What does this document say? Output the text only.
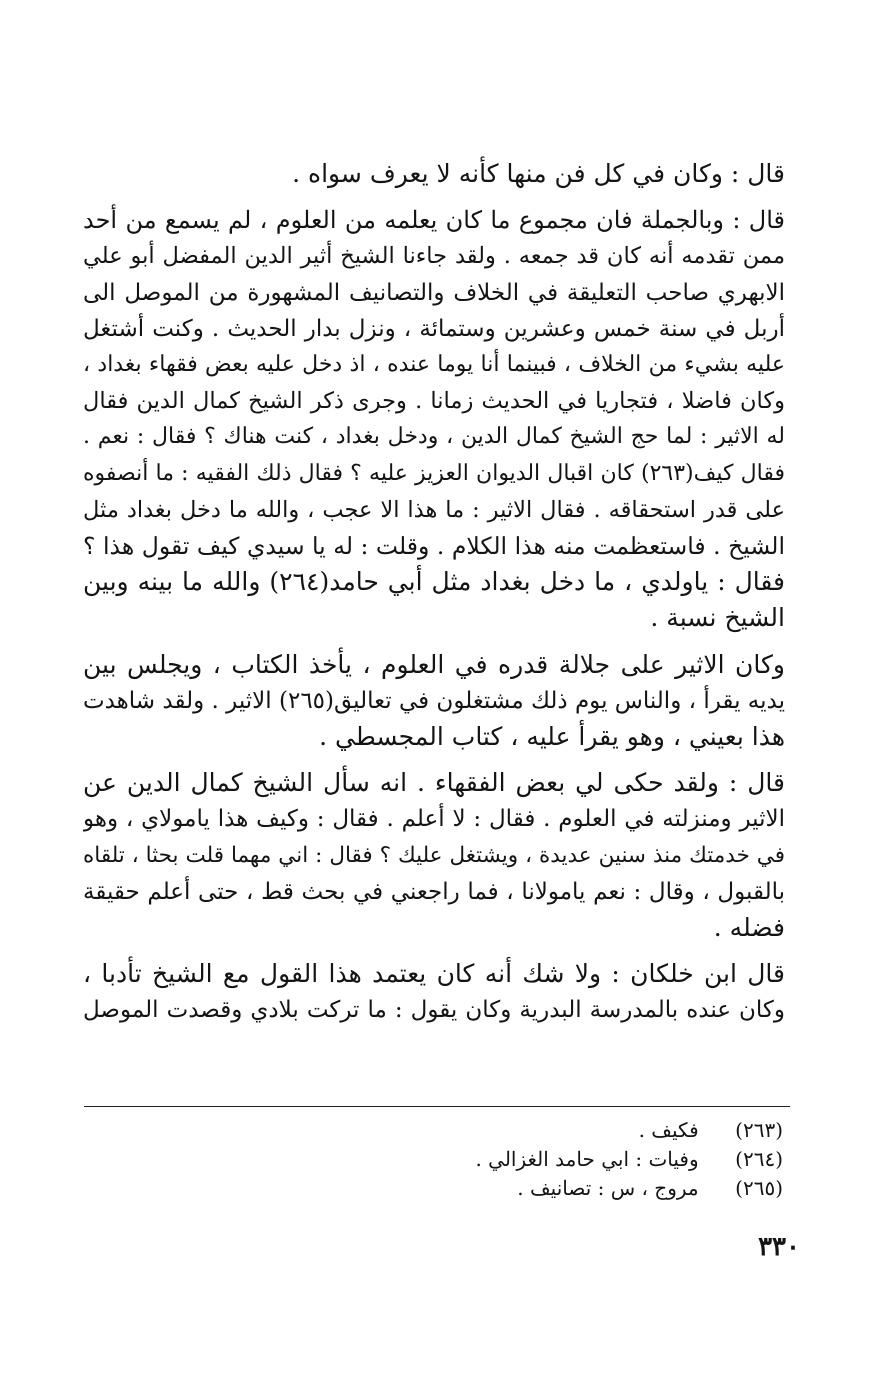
قال : وكان في كل فن منها كأنه لا يعرف سواه .
قال : وبالجملة فان مجموع ما كان يعلمه من العلوم ، لم يسمع من أحد
ممن تقدمه أنه كان قد جمعه . ولقد جاءنا الشيخ أثير الدين المفضل أبو علي
الابهري صاحب التعليقة في الخلاف والتصانيف المشهورة من الموصل الى
أربل في سنة خمس وعشرين وستمائة ، ونزل بدار الحديث . وكنت أشتغل
عليه بشيء من الخلاف ، فبينما أنا يوما عنده ، اذ دخل عليه بعض فقهاء بغداد ،
وكان فاضلا ، فتجاريا في الحديث زمانا . وجرى ذكر الشيخ كمال الدين فقال
له الاثير : لما حج الشيخ كمال الدين ، ودخل بغداد ، كنت هناك ؟ فقال : نعم .
فقال كيف(٢٦٣) كان اقبال الديوان العزيز عليه ؟ فقال ذلك الفقيه : ما أنصفوه
على قدر استحقاقه . فقال الاثير : ما هذا الا عجب ، والله ما دخل بغداد مثل
الشيخ . فاستعظمت منه هذا الكلام . وقلت : له يا سيدي كيف تقول هذا ؟
فقال : ياولدي ، ما دخل بغداد مثل أبي حامد(٢٦٤) والله ما بينه وبين
الشيخ نسبة .
وكان الاثير على جلالة قدره في العلوم ، يأخذ الكتاب ، ويجلس بين
يديه يقرأ ، والناس يوم ذلك مشتغلون في تعاليق(٢٦٥) الاثير . ولقد شاهدت
هذا بعيني ، وهو يقرأ عليه ، كتاب المجسطي .
قال : ولقد حكى لي بعض الفقهاء . انه سأل الشيخ كمال الدين عن
الاثير ومنزلته في العلوم . فقال : لا أعلم . فقال : وكيف هذا يامولاي ، وهو
في خدمتك منذ سنين عديدة ، ويشتغل عليك ؟ فقال : اني مهما قلت بحثا ، تلقاه
بالقبول ، وقال : نعم يامولانا ، فما راجعني في بحث قط ، حتى أعلم حقيقة
فضله .
قال ابن خلكان : ولا شك أنه كان يعتمد هذا القول مع الشيخ تأدبا ،
وكان عنده بالمدرسة البدرية وكان يقول : ما تركت بلادي وقصدت الموصل
(٢٦٣) فكيف .
(٢٦٤) وفيات : ابي حامد الغزالي .
(٢٦٥) مروج ، س : تصانيف .
٣٣٠
